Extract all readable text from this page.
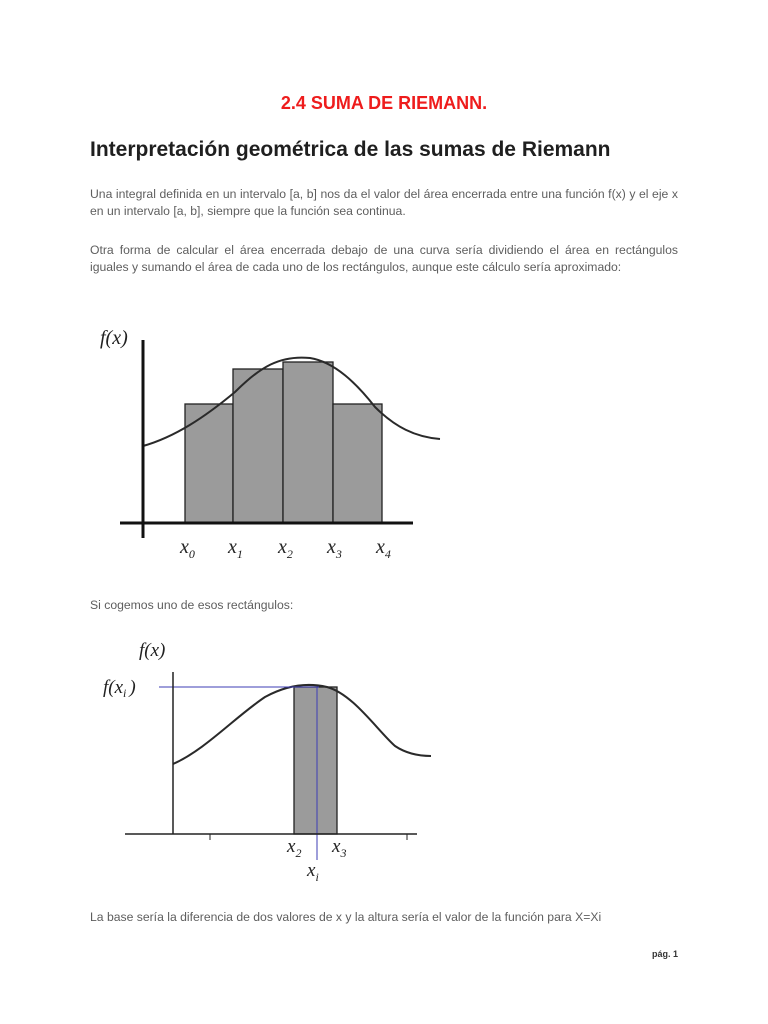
2.4 SUMA DE RIEMANN.
Interpretación geométrica de las sumas de Riemann
Una integral definida en un intervalo [a, b] nos da el valor del área encerrada entre una función f(x) y el eje x en un intervalo [a, b], siempre que la función sea continua.
Otra forma de calcular el área encerrada debajo de una curva sería dividiendo el área en rectángulos iguales y sumando el área de cada uno de los rectángulos, aunque este cálculo sería aproximado:
f(x)
$x_0$ $x_1$ $x_2$ $x_3$ $x_4$
Si cogemos uno de esos rectángulos:
f(x)
$f(x_i$ )
$x_2$ $x_3$
$x_i$
La base sería la diferencia de dos valores de x y la altura sería el valor de la función para X=Xi
pág. 1
